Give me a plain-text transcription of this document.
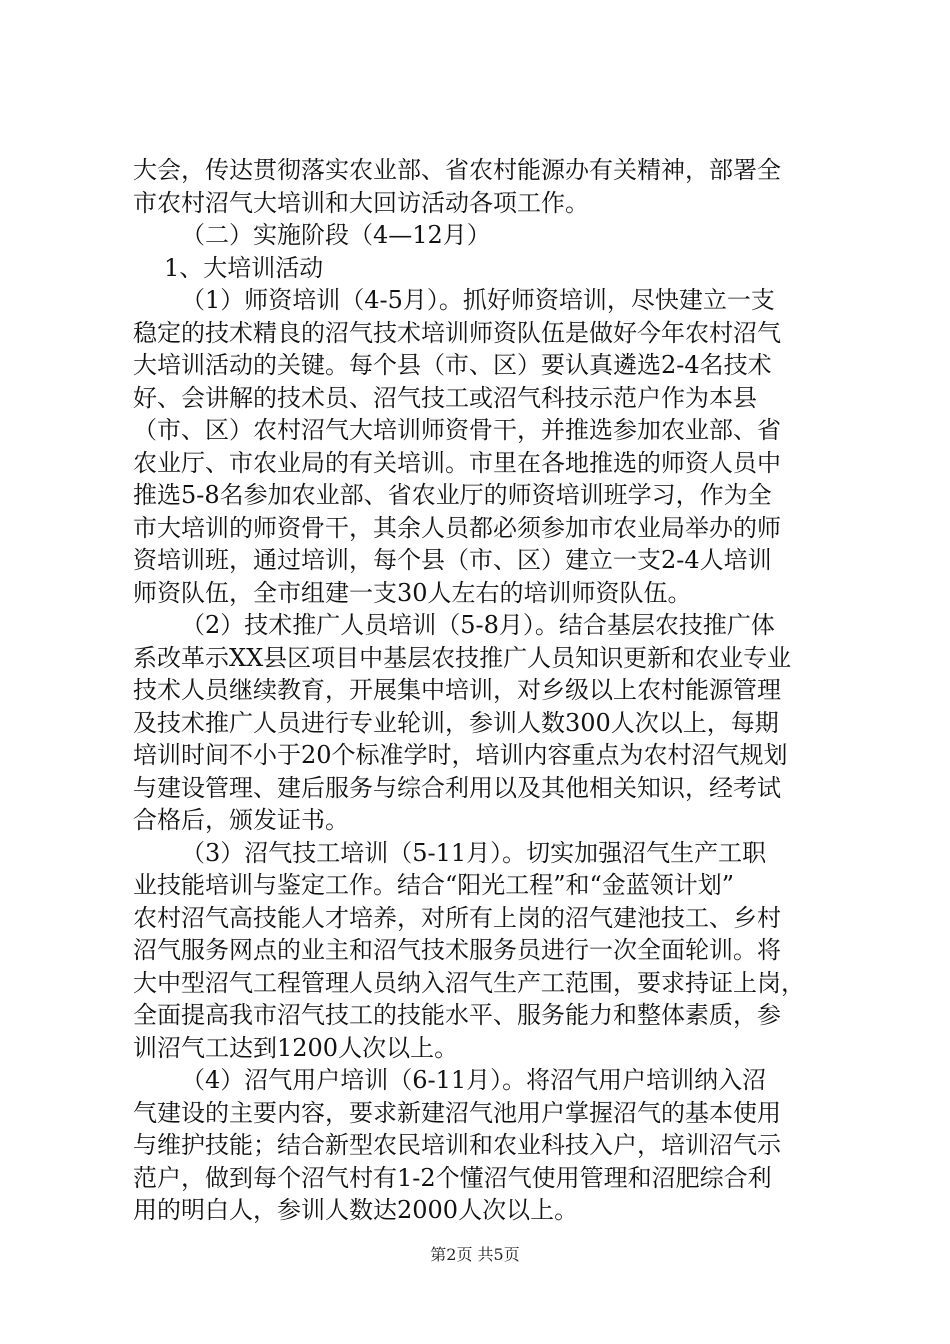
大会，传达贯彻落实农业部、省农村能源办有关精神，部署全
市农村沼气大培训和大回访活动各项工作。
（二）实施阶段（4—12月）
1、大培训活动
（1）师资培训（4-5月）。抓好师资培训，尽快建立一支
稳定的技术精良的沼气技术培训师资队伍是做好今年农村沼气
大培训活动的关键。每个县（市、区）要认真遴选2-4名技术
好、会讲解的技术员、沼气技工或沼气科技示范户作为本县
（市、区）农村沼气大培训师资骨干，并推选参加农业部、省
农业厅、市农业局的有关培训。市里在各地推选的师资人员中
推选5-8名参加农业部、省农业厅的师资培训班学习，作为全
市大培训的师资骨干，其余人员都必须参加市农业局举办的师
资培训班，通过培训，每个县（市、区）建立一支2-4人培训
师资队伍，全市组建一支30人左右的培训师资队伍。
（2）技术推广人员培训（5-8月）。结合基层农技推广体
系改革示XX县区项目中基层农技推广人员知识更新和农业专业
技术人员继续教育，开展集中培训，对乡级以上农村能源管理
及技术推广人员进行专业轮训，参训人数300人次以上，每期
培训时间不小于20个标准学时，培训内容重点为农村沼气规划
与建设管理、建后服务与综合利用以及其他相关知识，经考试
合格后，颁发证书。
（3）沼气技工培训（5-11月）。切实加强沼气生产工职
业技能培训与鉴定工作。结合“阳光工程”和“金蓝领计划”
农村沼气高技能人才培养，对所有上岗的沼气建池技工、乡村
沼气服务网点的业主和沼气技术服务员进行一次全面轮训。将
大中型沼气工程管理人员纳入沼气生产工范围，要求持证上岗，
全面提高我市沼气技工的技能水平、服务能力和整体素质，参
训沼气工达到1200人次以上。
（4）沼气用户培训（6-11月）。将沼气用户培训纳入沼
气建设的主要内容，要求新建沼气池用户掌握沼气的基本使用
与维护技能；结合新型农民培训和农业科技入户，培训沼气示
范户，做到每个沼气村有1-2个懂沼气使用管理和沼肥综合利
用的明白人，参训人数达2000人次以上。
第2页 共5页
